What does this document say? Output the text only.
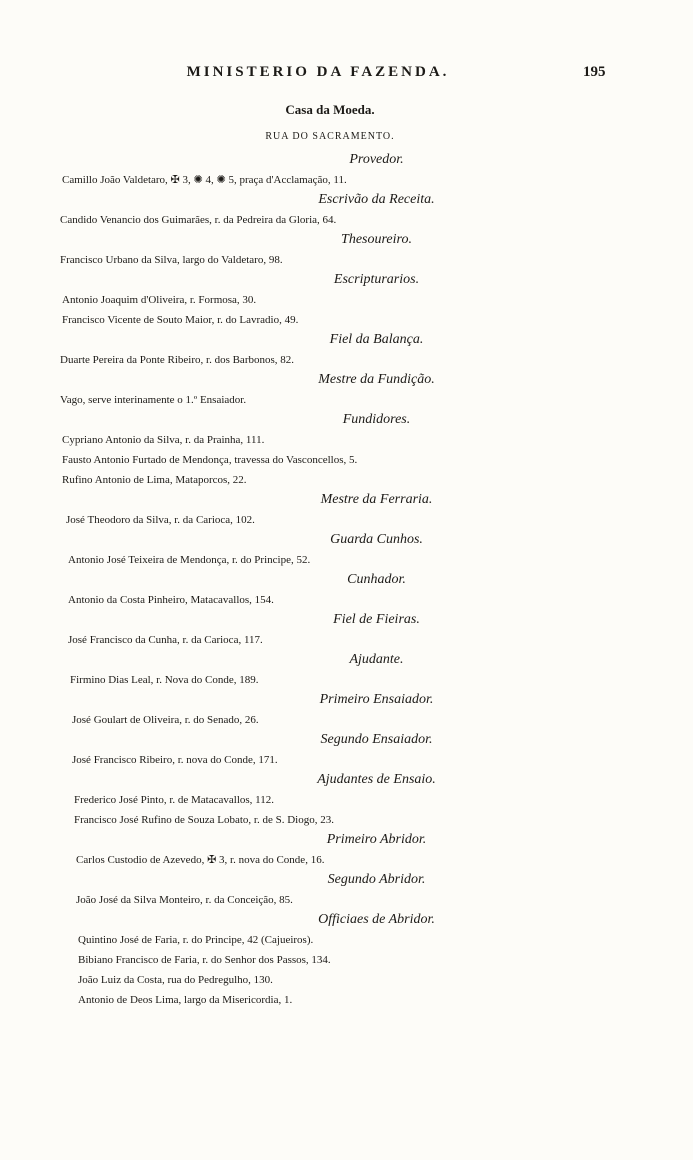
MINISTERIO DA FAZENDA.	195
Casa da Moeda.
RUA DO SACRAMENTO.
Provedor.
Camillo João Valdetaro, ✠ 3, ✺ 4, ✺ 5, praça d'Acclamação, 11.
Escrivão da Receita.
Candido Venancio dos Guimarães, r. da Pedreira da Gloria, 64.
Thesoureiro.
Francisco Urbano da Silva, largo do Valdetaro, 98.
Escripturarios.
Antonio Joaquim d'Oliveira, r. Formosa, 30.
Francisco Vicente de Souto Maior, r. do Lavradio, 49.
Fiel da Balança.
Duarte Pereira da Ponte Ribeiro, r. dos Barbonos, 82.
Mestre da Fundição.
Vago, serve interinamente o 1.º Ensaiador.
Fundidores.
Cypriano Antonio da Silva, r. da Prainha, 111.
Fausto Antonio Furtado de Mendonça, travessa do Vasconcellos, 5.
Rufino Antonio de Lima, Mataporcos, 22.
Mestre da Ferraria.
José Theodoro da Silva, r. da Carioca, 102.
Guarda Cunhos.
Antonio José Teixeira de Mendonça, r. do Principe, 52.
Cunhador.
Antonio da Costa Pinheiro, Matacavallos, 154.
Fiel de Fieiras.
José Francisco da Cunha, r. da Carioca, 117.
Ajudante.
Firmino Dias Leal, r. Nova do Conde, 189.
Primeiro Ensaiador.
José Goulart de Oliveira, r. do Senado, 26.
Segundo Ensaiador.
José Francisco Ribeiro, r. nova do Conde, 171.
Ajudantes de Ensaio.
Frederico José Pinto, r. de Matacavallos, 112.
Francisco José Rufino de Souza Lobato, r. de S. Diogo, 23.
Primeiro Abridor.
Carlos Custodio de Azevedo, ✠ 3, r. nova do Conde, 16.
Segundo Abridor.
João José da Silva Monteiro, r. da Conceição, 85.
Officiaes de Abridor.
Quintino José de Faria, r. do Principe, 42 (Cajueiros).
Bibiano Francisco de Faria, r. do Senhor dos Passos, 134.
João Luiz da Costa, rua do Pedregulho, 130.
Antonio de Deos Lima, largo da Misericordia, 1.
